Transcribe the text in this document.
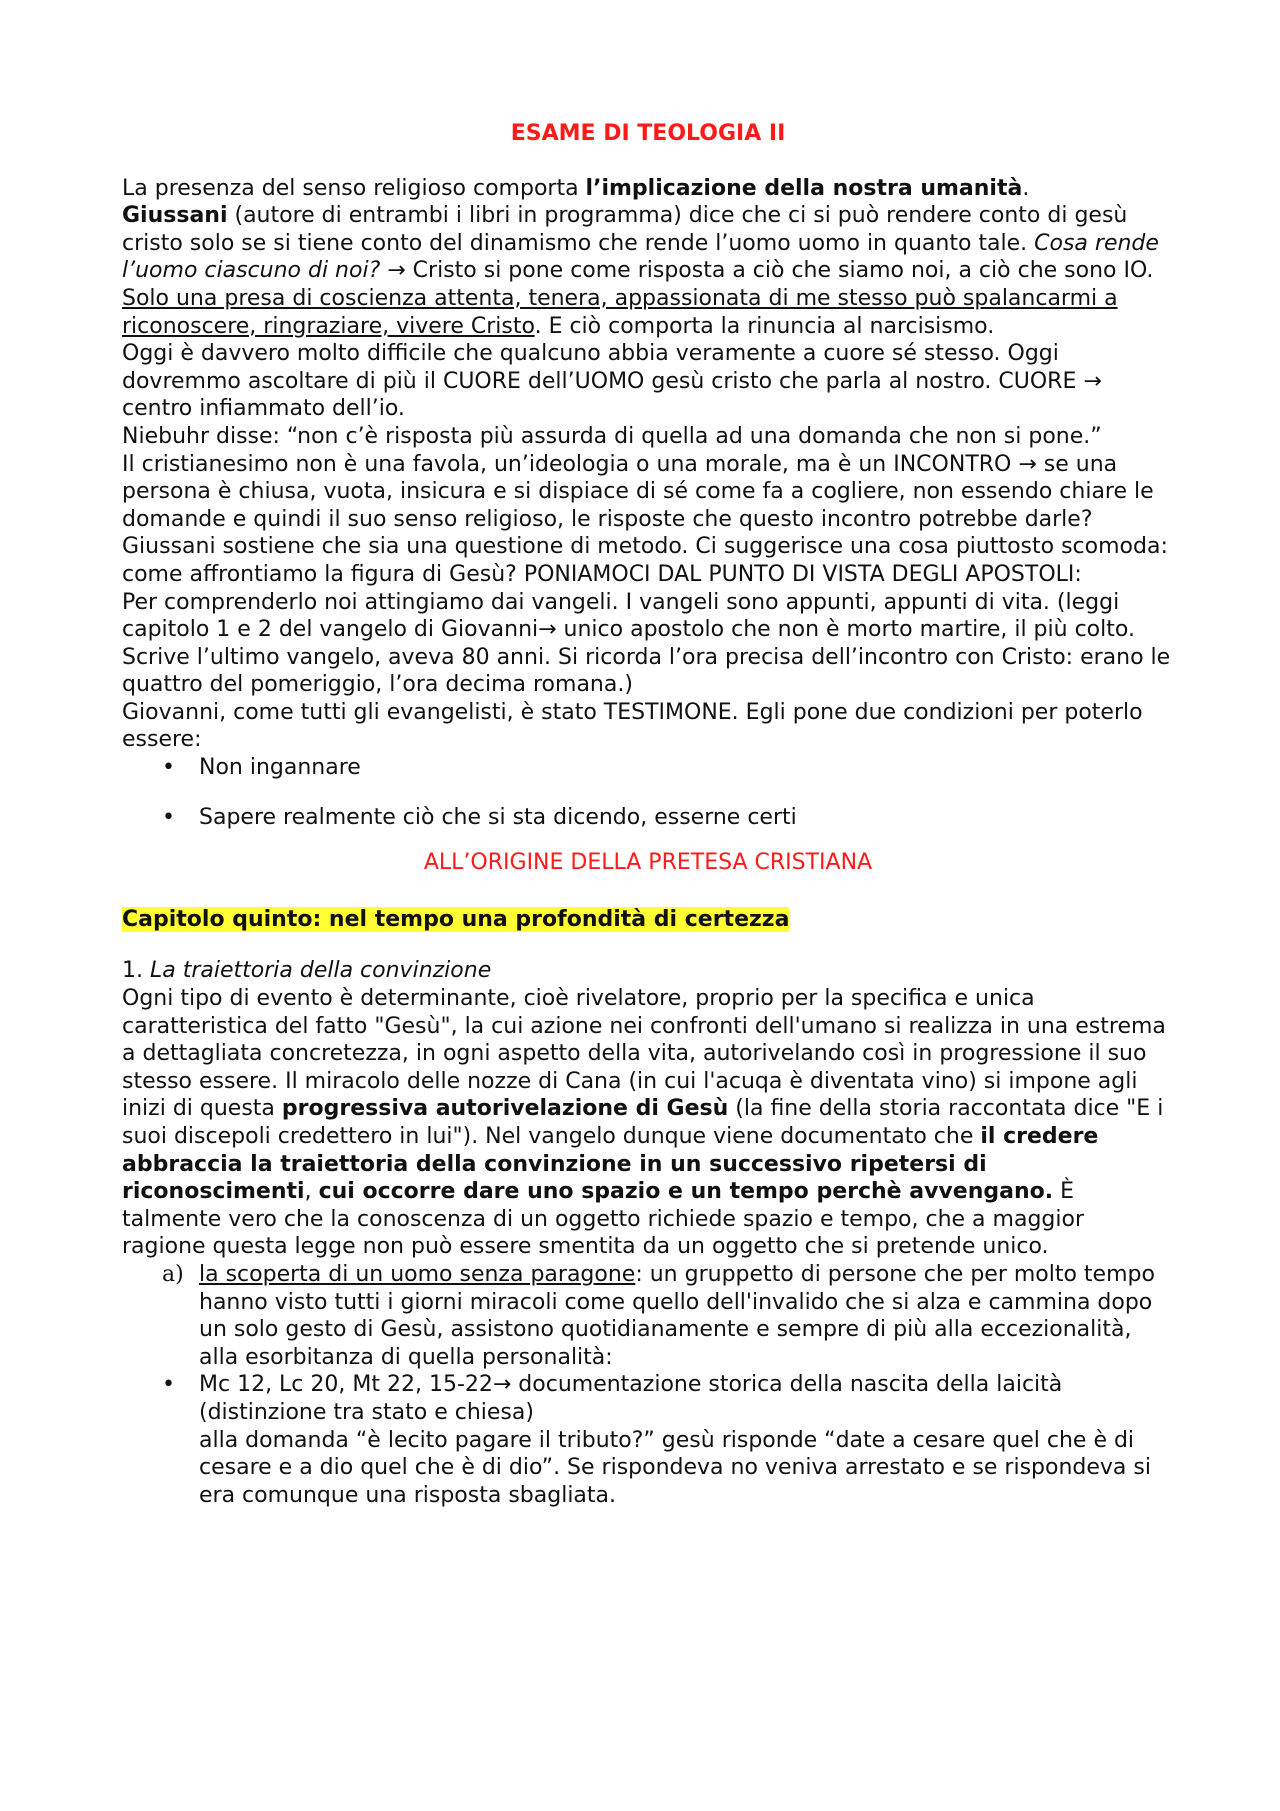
ESAME DI TEOLOGIA II

La presenza del senso religioso comporta l’implicazione della nostra umanità.
Giussani (autore di entrambi i libri in programma) dice che ci si può rendere conto di gesù cristo solo se si tiene conto del dinamismo che rende l’uomo uomo in quanto tale. Cosa rende l’uomo ciascuno di noi? → Cristo si pone come risposta a ciò che siamo noi, a ciò che sono IO. Solo una presa di coscienza attenta, tenera, appassionata di me stesso può spalancarmi a riconoscere, ringraziare, vivere Cristo. E ciò comporta la rinuncia al narcisismo.

Oggi è davvero molto difficile che qualcuno abbia veramente a cuore sé stesso. Oggi dovremmo ascoltare di più il CUORE dell’UOMO gesù cristo che parla al nostro. CUORE → centro infiammato dell’io.

Niebuhr disse: “non c’è risposta più assurda di quella ad una domanda che non si pone.”

Il cristianesimo non è una favola, un’ideologia o una morale, ma è un INCONTRO → se una persona è chiusa, vuota, insicura e si dispiace di sé come fa a cogliere, non essendo chiare le domande e quindi il suo senso religioso, le risposte che questo incontro potrebbe darle?

Giussani sostiene che sia una questione di metodo. Ci suggerisce una cosa piuttosto scomoda: come affrontiamo la figura di Gesù? PONIAMOCI DAL PUNTO DI VISTA DEGLI APOSTOLI:

Per comprenderlo noi attingiamo dai vangeli. I vangeli sono appunti, appunti di vita. (leggi capitolo 1 e 2 del vangelo di Giovanni→ unico apostolo che non è morto martire, il più colto. Scrive l’ultimo vangelo, aveva 80 anni. Si ricorda l’ora precisa dell’incontro con Cristo: erano le quattro del pomeriggio, l’ora decima romana.)

Giovanni, come tutti gli evangelisti, è stato TESTIMONE. Egli pone due condizioni per poterlo essere:

• Non ingannare
• Sapere realmente ciò che si sta dicendo, esserne certi
ALL’ORIGINE DELLA PRETESA CRISTIANA

Capitolo quinto: nel tempo una profondità di certezza

1. La traiettoria della convinzione

Ogni tipo di evento è determinante, cioè rivelatore, proprio per la specifica e unica caratteristica del fatto "Gesù", la cui azione nei confronti dell'umano si realizza in una estrema a dettagliata concretezza, in ogni aspetto della vita, autorivelando così in progressione il suo stesso essere. Il miracolo delle nozze di Cana (in cui l'acuqa è diventata vino) si impone agli inizi di questa progressiva autorivelazione di Gesù (la fine della storia raccontata dice "E i suoi discepoli credettero in lui"). Nel vangelo dunque viene documentato che il credere abbraccia la traiettoria della convinzione in un successivo ripetersi di riconoscimenti, cui occorre dare uno spazio e un tempo perchè avvengano. È talmente vero che la conoscenza di un oggetto richiede spazio e tempo, che a maggior ragione questa legge non può essere smentita da un oggetto che si pretende unico.

a) la scoperta di un uomo senza paragone: un gruppetto di persone che per molto tempo hanno visto tutti i giorni miracoli come quello dell'invalido che si alza e cammina dopo un solo gesto di Gesù, assistono quotidianamente e sempre di più alla eccezionalità, alla esorbitanza di quella personalità:
• Mc 12, Lc 20, Mt 22, 15-22→ documentazione storica della nascita della laicità (distinzione tra stato e chiesa)
alla domanda “è lecito pagare il tributo?” gesù risponde “date a cesare quel che è di cesare e a dio quel che è di dio”. Se rispondeva no veniva arrestato e se rispondeva si era comunque una risposta sbagliata.
